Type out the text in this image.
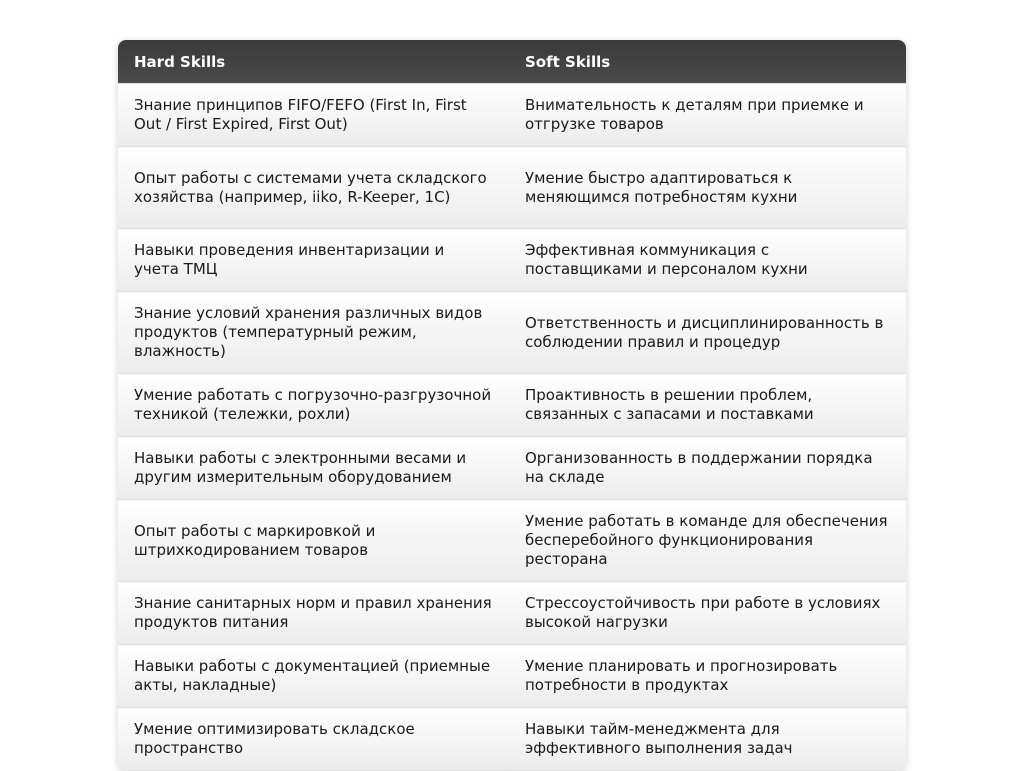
Hard Skills	Soft Skills
Знание принципов FIFO/FEFO (First In, First Out / First Expired, First Out)	Внимательность к деталям при приемке и отгрузке товаров
Опыт работы с системами учета складского хозяйства (например, iiko, R-Keeper, 1С)	Умение быстро адаптироваться к меняющимся потребностям кухни
Навыки проведения инвентаризации и учета ТМЦ	Эффективная коммуникация с поставщиками и персоналом кухни
Знание условий хранения различных видов продуктов (температурный режим, влажность)	Ответственность и дисциплинированность в соблюдении правил и процедур
Умение работать с погрузочно-разгрузочной техникой (тележки, рохли)	Проактивность в решении проблем, связанных с запасами и поставками
Навыки работы с электронными весами и другим измерительным оборудованием	Организованность в поддержании порядка на складе
Опыт работы с маркировкой и штрихкодированием товаров	Умение работать в команде для обеспечения бесперебойного функционирования ресторана
Знание санитарных норм и правил хранения продуктов питания	Стрессоустойчивость при работе в условиях высокой нагрузки
Навыки работы с документацией (приемные акты, накладные)	Умение планировать и прогнозировать потребности в продуктах
Умение оптимизировать складское пространство	Навыки тайм-менеджмента для эффективного выполнения задач
